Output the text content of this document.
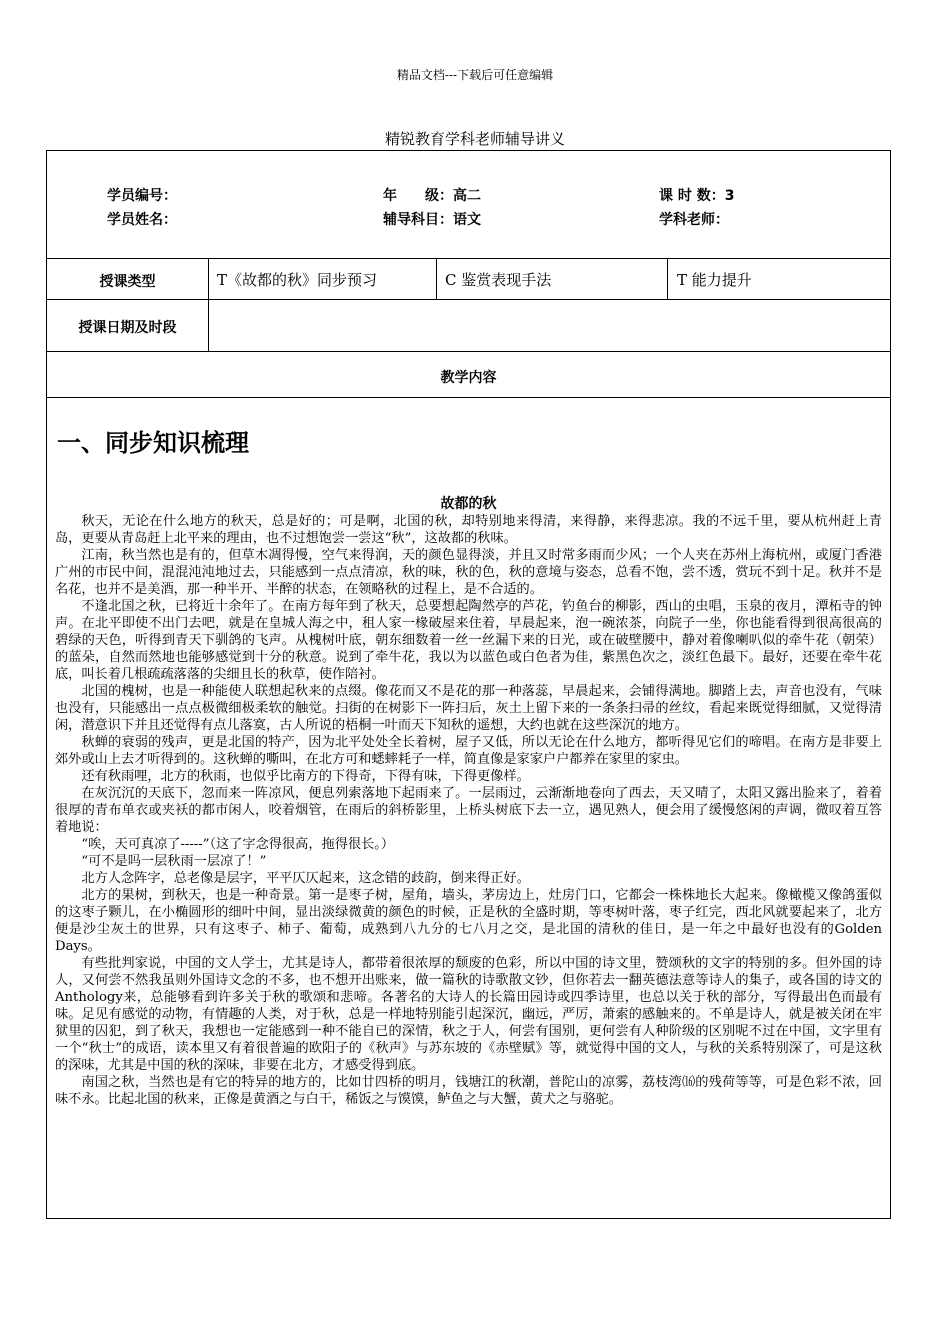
精品文档---下载后可任意编辑
精锐教育学科老师辅导讲义
学员编号：	年　　级：高二	课 时 数：3
学员姓名：	辅导科目：语文	学科老师：
授课类型	T《故都的秋》同步预习	C 鉴赏表现手法	T 能力提升
授课日期及时段
教学内容
一、同步知识梳理
故都的秋

秋天，无论在什么地方的秋天，总是好的；可是啊，北国的秋，却特别地来得清，来得静，来得悲凉。我的不远千里，要从杭州赶上青岛，更要从青岛赶上北平来的理由，也不过想饱尝一尝这“秋”，这故都的秋味。

江南，秋当然也是有的，但草木凋得慢，空气来得润，天的颜色显得淡，并且又时常多雨而少风；一个人夹在苏州上海杭州，或厦门香港广州的市民中间，混混沌沌地过去，只能感到一点点清凉，秋的味，秋的色，秋的意境与姿态，总看不饱，尝不透，赏玩不到十足。秋并不是名花，也并不是美酒，那一种半开、半醉的状态，在领略秋的过程上，是不合适的。

不逢北国之秋，已将近十余年了。在南方每年到了秋天，总要想起陶然亭的芦花，钓鱼台的柳影，西山的虫唱，玉泉的夜月，潭柘寺的钟声。在北平即使不出门去吧，就是在皇城人海之中，租人家一椽破屋来住着，早晨起来，泡一碗浓茶，向院子一坐，你也能看得到很高很高的碧绿的天色，听得到青天下驯鸽的飞声。从槐树叶底，朝东细数着一丝一丝漏下来的日光，或在破壁腰中，静对着像喇叭似的牵牛花（朝荣）的蓝朵，自然而然地也能够感觉到十分的秋意。说到了牵牛花，我以为以蓝色或白色者为佳，紫黑色次之，淡红色最下。最好，还要在牵牛花底，叫长着几根疏疏落落的尖细且长的秋草，使作陪衬。

北国的槐树，也是一种能使人联想起秋来的点缀。像花而又不是花的那一种落蕊，早晨起来，会铺得满地。脚踏上去，声音也没有，气味也没有，只能感出一点点极微细极柔软的触觉。扫街的在树影下一阵扫后，灰土上留下来的一条条扫帚的丝纹，看起来既觉得细腻，又觉得清闲，潜意识下并且还觉得有点儿落寞，古人所说的梧桐一叶而天下知秋的遥想，大约也就在这些深沉的地方。

秋蝉的衰弱的残声，更是北国的特产，因为北平处处全长着树，屋子又低，所以无论在什么地方，都听得见它们的啼唱。在南方是非要上郊外或山上去才听得到的。这秋蝉的嘶叫，在北方可和蟋蟀耗子一样，简直像是家家户户都养在家里的家虫。

还有秋雨哩，北方的秋雨，也似乎比南方的下得奇，下得有味，下得更像样。

在灰沉沉的天底下，忽而来一阵凉风，便息列索落地下起雨来了。一层雨过，云渐渐地卷向了西去，天又晴了，太阳又露出脸来了，着着很厚的青布单衣或夹袄的都市闲人，咬着烟管，在雨后的斜桥影里，上桥头树底下去一立，遇见熟人，便会用了缓慢悠闲的声调，微叹着互答着地说：

“唉，天可真凉了-----”（这了字念得很高，拖得很长。）

“可不是吗一层秋雨一层凉了！”

北方人念阵字，总老像是层字，平平仄仄起来，这念错的歧韵，倒来得正好。

北方的果树，到秋天，也是一种奇景。第一是枣子树，屋角，墙头，茅房边上，灶房门口，它都会一株株地长大起来。像橄榄又像鸽蛋似的这枣子颗儿，在小椭圆形的细叶中间，显出淡绿微黄的颜色的时候，正是秋的全盛时期，等枣树叶落，枣子红完，西北风就要起来了，北方便是沙尘灰土的世界，只有这枣子、柿子、葡萄，成熟到八九分的七八月之交，是北国的清秋的佳日，是一年之中最好也没有的Golden Days。

有些批判家说，中国的文人学士，尤其是诗人，都带着很浓厚的颓废的色彩，所以中国的诗文里，赞颂秋的文字的特别的多。但外国的诗人，又何尝不然我虽则外国诗文念的不多，也不想开出账来，做一篇秋的诗歌散文钞，但你若去一翻英德法意等诗人的集子，或各国的诗文的Anthology来，总能够看到许多关于秋的歌颂和悲啼。各著名的大诗人的长篇田园诗或四季诗里，也总以关于秋的部分，写得最出色而最有味。足见有感觉的动物，有情趣的人类，对于秋，总是一样地特别能引起深沉，幽远，严厉，萧索的感触来的。不单是诗人，就是被关闭在牢狱里的囚犯，到了秋天，我想也一定能感到一种不能自已的深情，秋之于人，何尝有国别，更何尝有人种阶级的区别呢不过在中国，文字里有一个“秋士”的成语，读本里又有着很普遍的欧阳子的《秋声》与苏东坡的《赤壁赋》等，就觉得中国的文人，与秋的关系特别深了，可是这秋的深味，尤其是中国的秋的深味，非要在北方，才感受得到底。

南国之秋，当然也是有它的特异的地方的，比如廿四桥的明月，钱塘江的秋潮，普陀山的凉雾，荔枝湾⒃的残荷等等，可是色彩不浓，回味不永。比起北国的秋来，正像是黄酒之与白干，稀饭之与馍馍，鲈鱼之与大蟹，黄犬之与骆驼。
